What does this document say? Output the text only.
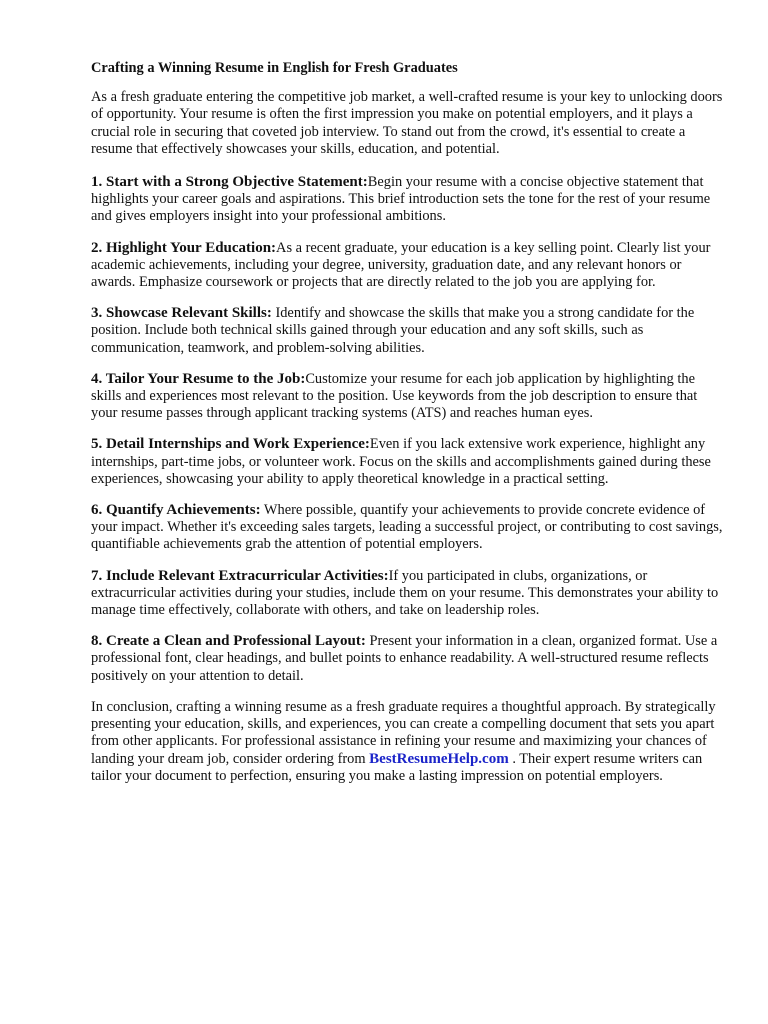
Crafting a Winning Resume in English for Fresh Graduates

As a fresh graduate entering the competitive job market, a well-crafted resume is your key to unlocking doors of opportunity. Your resume is often the first impression you make on potential employers, and it plays a crucial role in securing that coveted job interview. To stand out from the crowd, it's essential to create a resume that effectively showcases your skills, education, and potential.

1. Start with a Strong Objective Statement:Begin your resume with a concise objective statement that highlights your career goals and aspirations. This brief introduction sets the tone for the rest of your resume and gives employers insight into your professional ambitions.

2. Highlight Your Education:As a recent graduate, your education is a key selling point. Clearly list your academic achievements, including your degree, university, graduation date, and any relevant honors or awards. Emphasize coursework or projects that are directly related to the job you are applying for.

3. Showcase Relevant Skills: Identify and showcase the skills that make you a strong candidate for the position. Include both technical skills gained through your education and any soft skills, such as communication, teamwork, and problem-solving abilities.

4. Tailor Your Resume to the Job:Customize your resume for each job application by highlighting the skills and experiences most relevant to the position. Use keywords from the job description to ensure that your resume passes through applicant tracking systems (ATS) and reaches human eyes.

5. Detail Internships and Work Experience:Even if you lack extensive work experience, highlight any internships, part-time jobs, or volunteer work. Focus on the skills and accomplishments gained during these experiences, showcasing your ability to apply theoretical knowledge in a practical setting.

6. Quantify Achievements: Where possible, quantify your achievements to provide concrete evidence of your impact. Whether it's exceeding sales targets, leading a successful project, or contributing to cost savings, quantifiable achievements grab the attention of potential employers.

7. Include Relevant Extracurricular Activities:If you participated in clubs, organizations, or extracurricular activities during your studies, include them on your resume. This demonstrates your ability to manage time effectively, collaborate with others, and take on leadership roles.

8. Create a Clean and Professional Layout: Present your information in a clean, organized format. Use a professional font, clear headings, and bullet points to enhance readability. A well-structured resume reflects positively on your attention to detail.

In conclusion, crafting a winning resume as a fresh graduate requires a thoughtful approach. By strategically presenting your education, skills, and experiences, you can create a compelling document that sets you apart from other applicants. For professional assistance in refining your resume and maximizing your chances of landing your dream job, consider ordering from BestResumeHelp.com . Their expert resume writers can tailor your document to perfection, ensuring you make a lasting impression on potential employers.
